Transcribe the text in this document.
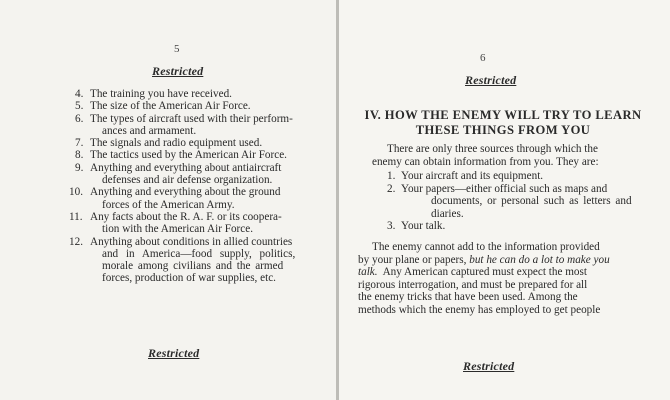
5
Restricted
4. The training you have received.
5. The size of the American Air Force.
6. The types of aircraft used with their perform-
ances and armament.
7. The signals and radio equipment used.
8. The tactics used by the American Air Force.
9. Anything and everything about antiaircraft
defenses and air defense organization.
10. Anything and everything about the ground
forces of the American Army.
11. Any facts about the R. A. F. or its coopera-
tion with the American Air Force.
12. Anything about conditions in allied countries
and in America—food supply, politics,
morale among civilians and the armed
forces, production of war supplies, etc.
Restricted
6
Restricted
IV. HOW THE ENEMY WILL TRY TO LEARN
THESE THINGS FROM YOU
There are only three sources through which the
enemy can obtain information from you. They are:
1. Your aircraft and its equipment.
2. Your papers—either official such as maps and
documents, or personal such as letters and
diaries.
3. Your talk.
The enemy cannot add to the information provided
by your plane or papers, but he can do a lot to make you
talk. Any American captured must expect the most
rigorous interrogation, and must be prepared for all
the enemy tricks that have been used. Among the
methods which the enemy has employed to get people
Restricted
